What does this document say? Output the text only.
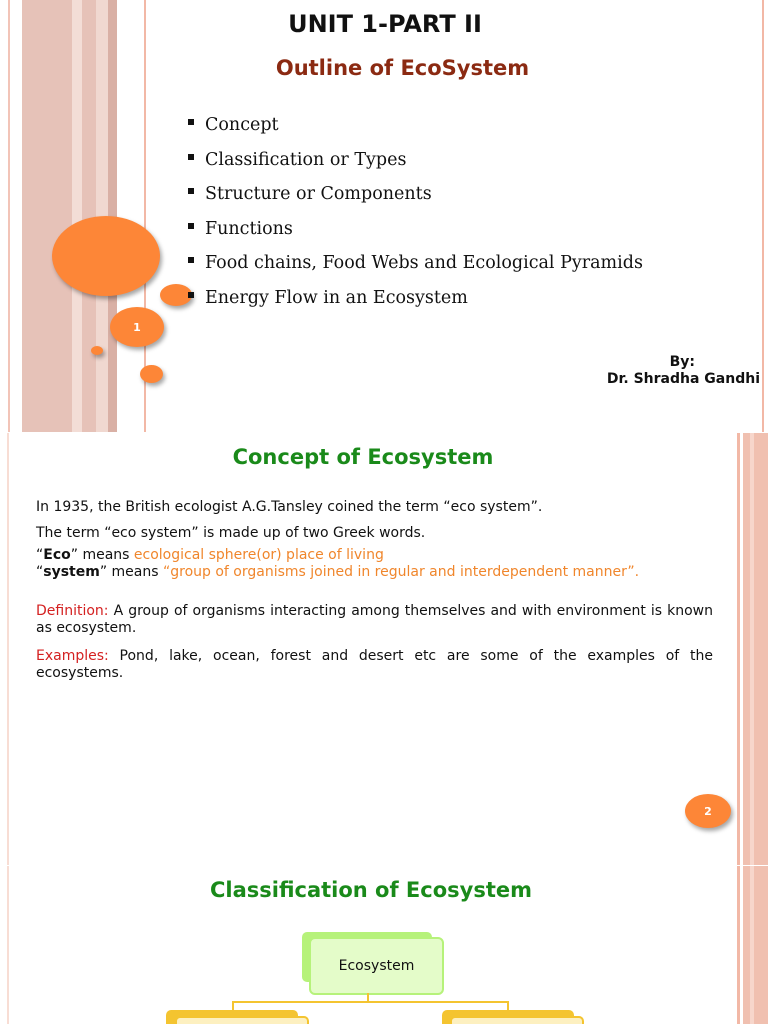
1
UNIT 1-PART II
Outline of EcoSystem
Concept
Classification or Types
Structure or Components
Functions
Food chains, Food Webs and Ecological Pyramids
Energy Flow in an Ecosystem
By:
Dr. Shradha Gandhi
Concept of Ecosystem
In 1935, the British ecologist A.G.Tansley coined the term “eco system”.
The term “eco system” is made up of two Greek words.
“Eco” means ecological sphere(or) place of living
“system” means “group of organisms joined in regular and interdependent manner”.
Definition: A group of organisms interacting among themselves and with environment is known as ecosystem.
Examples: Pond, lake, ocean, forest and desert etc are some of the examples of the ecosystems.
2
Classification of Ecosystem
Ecosystem
